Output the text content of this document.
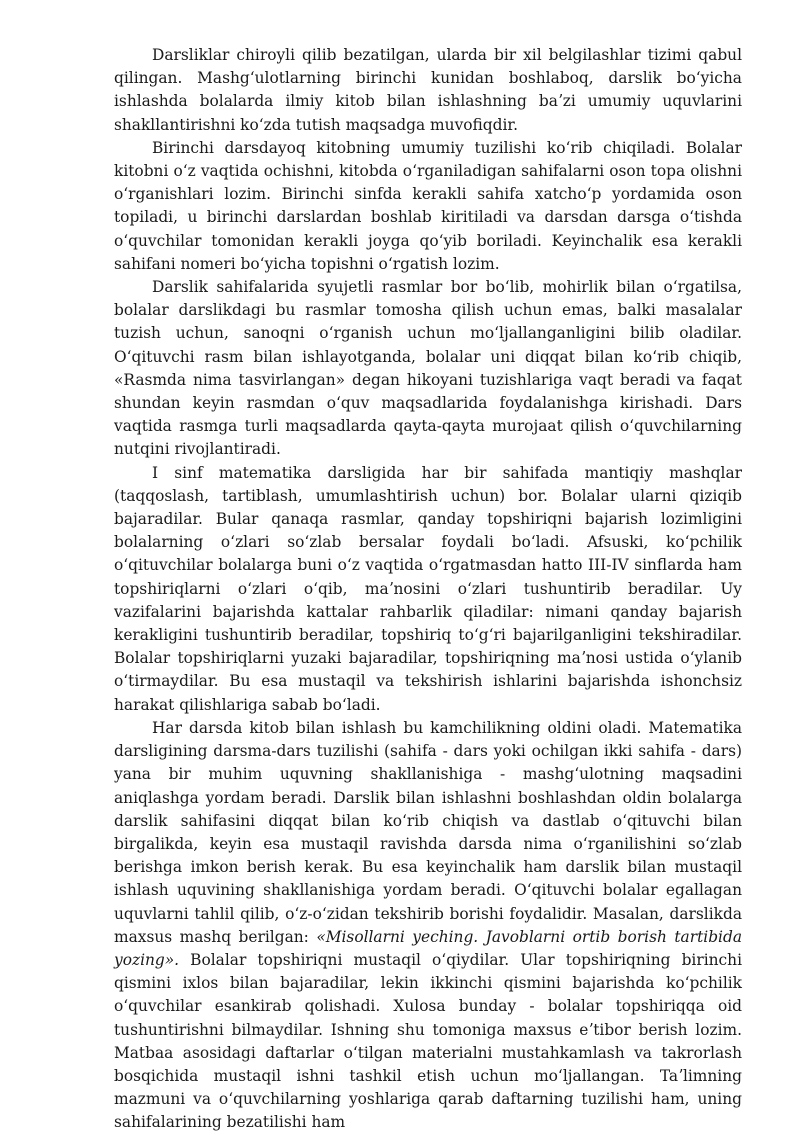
Darsliklar chiroyli qilib bezatilgan, ularda bir xil belgilashlar tizimi qabul qilingan. Mashgʻulotlarning birinchi kunidan boshlaboq, darslik boʻyicha ishlashda bolalarda ilmiy kitob bilan ishlashning baʼzi umumiy uquvlarini shakllantirishni koʻzda tutish maqsadga muvofiqdir.

Birinchi darsdayoq kitobning umumiy tuzilishi koʻrib chiqiladi. Bolalar kitobni oʻz vaqtida ochishni, kitobda oʻrganiladigan sahifalarni oson topa olishni oʻrganishlari lozim. Birinchi sinfda kerakli sahifa xatchoʻp yordamida oson topiladi, u birinchi darslardan boshlab kiritiladi va darsdan darsga oʻtishda oʻquvchilar tomonidan kerakli joyga qoʻyib boriladi. Keyinchalik esa kerakli sahifani nomeri boʻyicha topishni oʻrgatish lozim.

Darslik sahifalarida syujetli rasmlar bor boʻlib, mohirlik bilan oʻrgatilsa, bolalar darslikdagi bu rasmlar tomosha qilish uchun emas, balki masalalar tuzish uchun, sanoqni oʻrganish uchun moʻljallanganligini bilib oladilar. Oʻqituvchi rasm bilan ishlayotganda, bolalar uni diqqat bilan koʻrib chiqib, «Rasmda nima tasvirlangan» degan hikoyani tuzishlariga vaqt beradi va faqat shundan keyin rasmdan oʻquv maqsadlarida foydalanishga kirishadi. Dars vaqtida rasmga turli maqsadlarda qayta-qayta murojaat qilish oʻquvchilarning nutqini rivojlantiradi.

I sinf matematika darsligida har bir sahifada mantiqiy mashqlar (taqqoslash, tartiblash, umumlashtirish uchun) bor. Bolalar ularni qiziqib bajaradilar. Bular qanaqa rasmlar, qanday topshiriqni bajarish lozimligini bolalarning oʻzlari soʻzlab bersalar foydali boʻladi. Afsuski, koʻpchilik oʻqituvchilar bolalarga buni oʻz vaqtida oʻrgatmasdan hatto III-IV sinflarda ham topshiriqlarni oʻzlari oʻqib, maʼnosini oʻzlari tushuntirib beradilar. Uy vazifalarini bajarishda kattalar rahbarlik qiladilar: nimani qanday bajarish kerakligini tushuntirib beradilar, topshiriq toʻgʻri bajarilganligini tekshiradilar. Bolalar topshiriqlarni yuzaki bajaradilar, topshiriqning maʼnosi ustida oʻylanib oʻtirmaydilar. Bu esa mustaqil va tekshirish ishlarini bajarishda ishonchsiz harakat qilishlariga sabab boʻladi.

Har darsda kitob bilan ishlash bu kamchilikning oldini oladi. Matematika darsligining darsma-dars tuzilishi (sahifa - dars yoki ochilgan ikki sahifa - dars) yana bir muhim uquvning shakllanishiga - mashgʻulotning maqsadini aniqlashga yordam beradi. Darslik bilan ishlashni boshlashdan oldin bolalarga darslik sahifasini diqqat bilan koʻrib chiqish va dastlab oʻqituvchi bilan birgalikda, keyin esa mustaqil ravishda darsda nima oʻrganilishini soʻzlab berishga imkon berish kerak. Bu esa keyinchalik ham darslik bilan mustaqil ishlash uquvining shakllanishiga yordam beradi. Oʻqituvchi bolalar egallagan uquvlarni tahlil qilib, oʻz-oʻzidan tekshirib borishi foydalidir. Masalan, darslikda maxsus mashq berilgan: «Misollarni yeching. Javoblarni ortib borish tartibida yozing». Bolalar topshiriqni mustaqil oʻqiydilar. Ular topshiriqning birinchi qismini ixlos bilan bajaradilar, lekin ikkinchi qismini bajarishda koʻpchilik oʻquvchilar esankirab qolishadi. Xulosa bunday - bolalar topshiriqqa oid tushuntirishni bilmaydilar. Ishning shu tomoniga maxsus eʼtibor berish lozim. Matbaa asosidagi daftarlar oʻtilgan materialni mustahkamlash va takrorlash bosqichida mustaqil ishni tashkil etish uchun moʻljallangan. Taʼlimning mazmuni va oʻquvchilarning yoshlariga qarab daftarning tuzilishi ham, uning sahifalarining bezatilishi ham
